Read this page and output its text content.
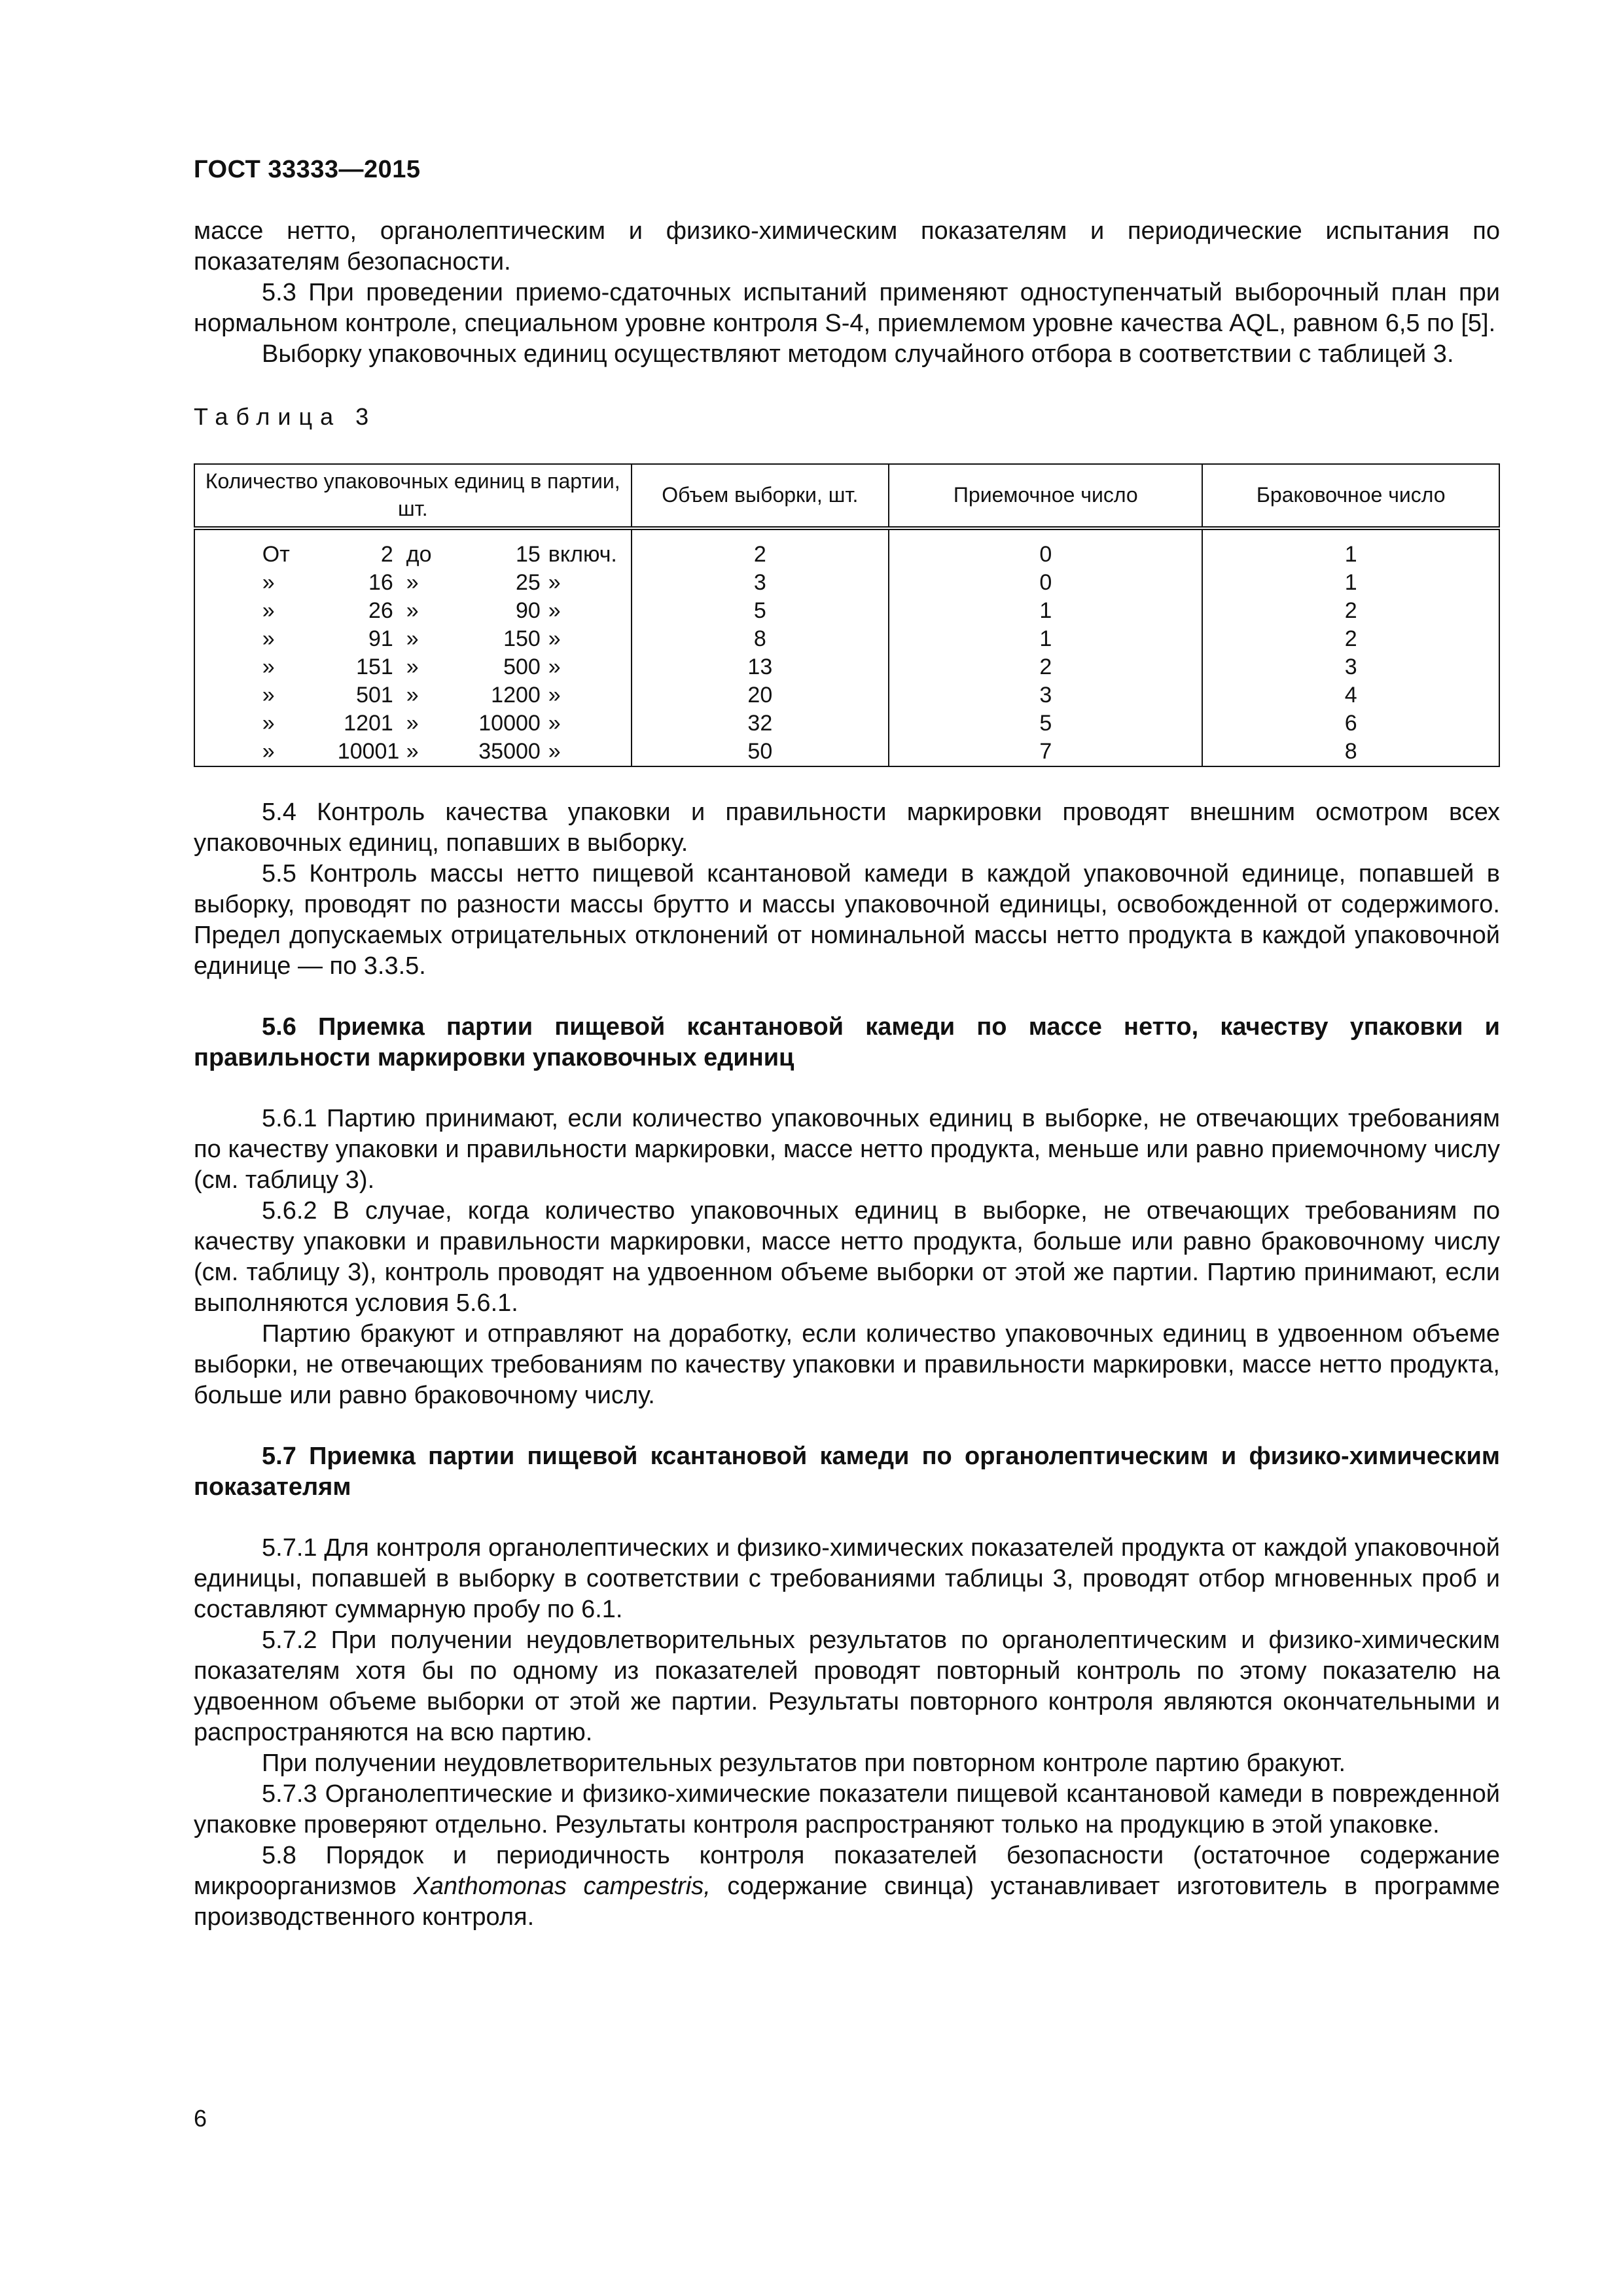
ГОСТ 33333—2015

массе нетто, органолептическим и физико-химическим показателям и периодические испытания по показателям безопасности.

5.3 При проведении приемо-сдаточных испытаний применяют одноступенчатый выборочный план при нормальном контроле, специальном уровне контроля S-4, приемлемом уровне качества AQL, равном 6,5 по [5].

Выборку упаковочных единиц осуществляют методом случайного отбора в соответствии с таблицей 3.

Таблица 3
Количество упаковочных единиц в партии, шт.	Объем выборки, шт.	Приемочное число	Браковочное число
От 2 до 15 включ.	2	0	1
» 16 » 25 »	3	0	1
» 26 » 90 »	5	1	2
» 91 » 150 »	8	1	2
» 151 » 500 »	13	2	3
» 501 » 1200 »	20	3	4
» 1201 » 10000 »	32	5	6
» 10001 » 35000 »	50	7	8

5.4 Контроль качества упаковки и правильности маркировки проводят внешним осмотром всех упаковочных единиц, попавших в выборку.

5.5 Контроль массы нетто пищевой ксантановой камеди в каждой упаковочной единице, попавшей в выборку, проводят по разности массы брутто и массы упаковочной единицы, освобожденной от содержимого. Предел допускаемых отрицательных отклонений от номинальной массы нетто продукта в каждой упаковочной единице — по 3.3.5.

5.6 Приемка партии пищевой ксантановой камеди по массе нетто, качеству упаковки и правильности маркировки упаковочных единиц

5.6.1 Партию принимают, если количество упаковочных единиц в выборке, не отвечающих требованиям по качеству упаковки и правильности маркировки, массе нетто продукта, меньше или равно приемочному числу (см. таблицу 3).

5.6.2 В случае, когда количество упаковочных единиц в выборке, не отвечающих требованиям по качеству упаковки и правильности маркировки, массе нетто продукта, больше или равно браковочному числу (см. таблицу 3), контроль проводят на удвоенном объеме выборки от этой же партии. Партию принимают, если выполняются условия 5.6.1.

Партию бракуют и отправляют на доработку, если количество упаковочных единиц в удвоенном объеме выборки, не отвечающих требованиям по качеству упаковки и правильности маркировки, массе нетто продукта, больше или равно браковочному числу.

5.7 Приемка партии пищевой ксантановой камеди по органолептическим и физико-химическим показателям

5.7.1 Для контроля органолептических и физико-химических показателей продукта от каждой упаковочной единицы, попавшей в выборку в соответствии с требованиями таблицы 3, проводят отбор мгновенных проб и составляют суммарную пробу по 6.1.

5.7.2 При получении неудовлетворительных результатов по органолептическим и физико-химическим показателям хотя бы по одному из показателей проводят повторный контроль по этому показателю на удвоенном объеме выборки от этой же партии. Результаты повторного контроля являются окончательными и распространяются на всю партию.

При получении неудовлетворительных результатов при повторном контроле партию бракуют.

5.7.3 Органолептические и физико-химические показатели пищевой ксантановой камеди в поврежденной упаковке проверяют отдельно. Результаты контроля распространяют только на продукцию в этой упаковке.

5.8 Порядок и периодичность контроля показателей безопасности (остаточное содержание микроорганизмов Xanthomonas campestris, содержание свинца) устанавливает изготовитель в программе производственного контроля.

6
